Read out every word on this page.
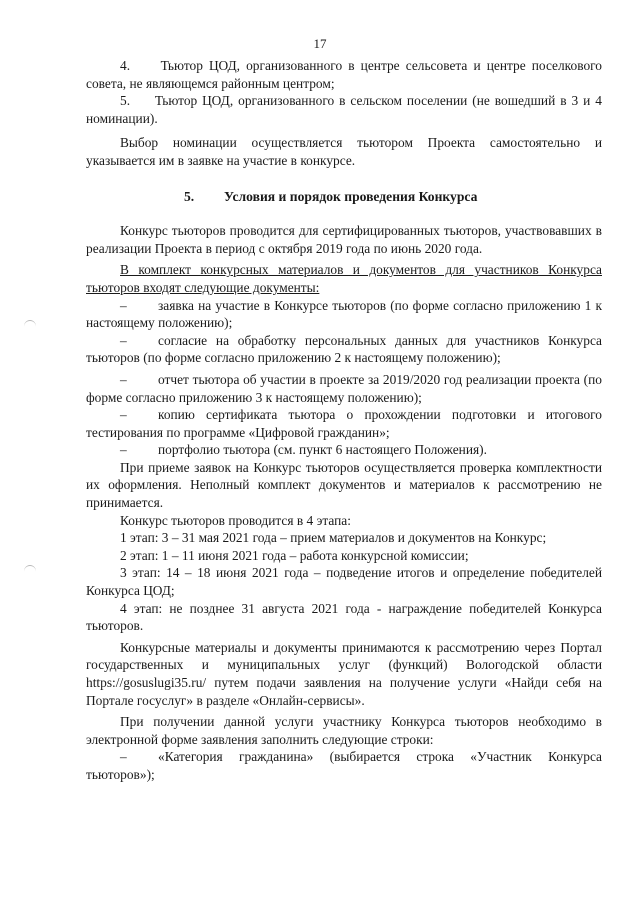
17

4.     Тьютор ЦОД, организованного в центре сельсовета и центре поселкового совета, не являющемся районным центром;

5.     Тьютор ЦОД, организованного в сельском поселении (не вошедший в 3 и 4 номинации).

Выбор номинации осуществляется тьютором Проекта самостоятельно и указывается им в заявке на участие в конкурсе.

5. Условия и порядок проведения Конкурса

Конкурс тьюторов проводится для сертифицированных тьюторов, участвовавших в реализации Проекта в период с октября 2019 года по июнь 2020 года.

В комплект конкурсных материалов и документов для участников Конкурса тьюторов входят следующие документы:

– заявка на участие в Конкурсе тьюторов (по форме согласно приложению 1 к настоящему положению);

– согласие на обработку персональных данных для участников Конкурса тьюторов (по форме согласно приложению 2 к настоящему положению);

– отчет тьютора об участии в проекте за 2019/2020 год реализации проекта (по форме согласно приложению 3 к настоящему положению);

– копию сертификата тьютора о прохождении подготовки и итогового тестирования по программе «Цифровой гражданин»;

– портфолио тьютора (см. пункт 6 настоящего Положения).

При приеме заявок на Конкурс тьюторов осуществляется проверка комплектности их оформления. Неполный комплект документов и материалов к рассмотрению не принимается.

Конкурс тьюторов проводится в 4 этапа:

1 этап: 3 – 31 мая 2021 года – прием материалов и документов на Конкурс;

2 этап: 1 – 11 июня 2021 года – работа конкурсной комиссии;

3 этап: 14 – 18 июня 2021 года – подведение итогов и определение победителей Конкурса ЦОД;

4 этап: не позднее 31 августа 2021 года - награждение победителей Конкурса тьюторов.

Конкурсные материалы и документы принимаются к рассмотрению через Портал государственных и муниципальных услуг (функций) Вологодской области https://gosuslugi35.ru/ путем подачи заявления на получение услуги «Найди себя на Портале госуслуг» в разделе «Онлайн-сервисы».

При получении данной услуги участнику Конкурса тьюторов необходимо в электронной форме заявления заполнить следующие строки:

– «Категория гражданина» (выбирается строка «Участник Конкурса тьюторов»);
